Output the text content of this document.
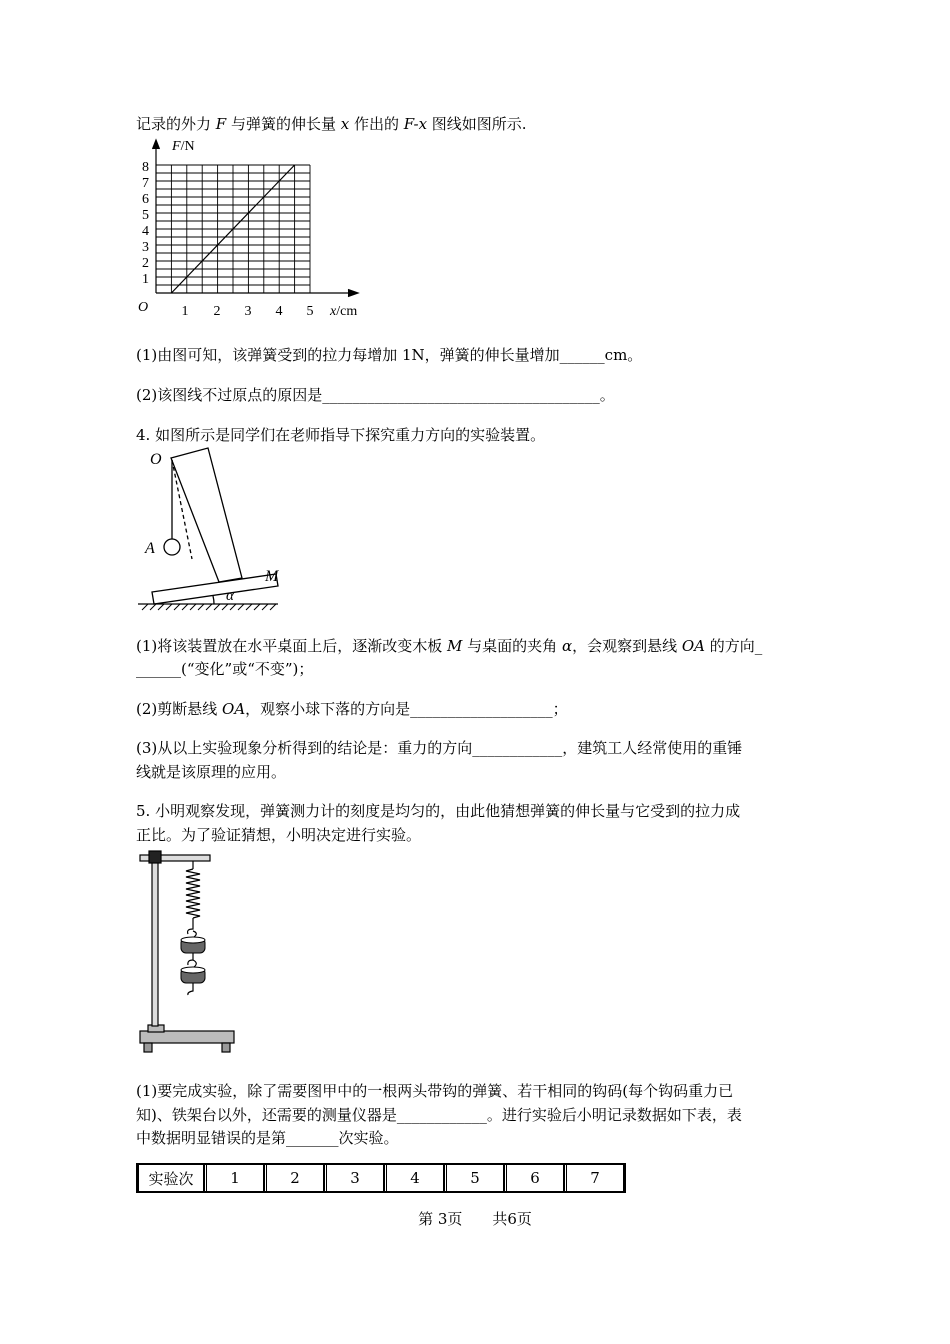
记录的外力 F 与弹簧的伸长量 x 作出的 F-x 图线如图所示.
F/N
x/cm
O
1
2
3
4
5
6
7
8
1 2 3 4 5
(1)由图可知，该弹簧受到的拉力每增加 1N，弹簧的伸长量增加______cm。
(2)该图线不过原点的原因是_____________________________________。
4. 如图所示是同学们在老师指导下探究重力方向的实验装置。
O
A
M
α
(1)将该装置放在水平桌面上后，逐渐改变木板 M 与桌面的夹角 α，会观察到悬线 OA 的方向_
______(“变化”或“不变”)；
(2)剪断悬线 OA，观察小球下落的方向是___________________；
(3)从以上实验现象分析得到的结论是：重力的方向____________，建筑工人经常使用的重锤
线就是该原理的应用。
5. 小明观察发现，弹簧测力计的刻度是均匀的，由此他猜想弹簧的伸长量与它受到的拉力成
正比。为了验证猜想，小明决定进行实验。
(1)要完成实验，除了需要图甲中的一根两头带钩的弹簧、若干相同的钩码(每个钩码重力已
知)、铁架台以外，还需要的测量仪器是____________。进行实验后小明记录数据如下表，表
中数据明显错误的是第_______次实验。
实验次	1	2	3	4	5	6	7
第 3页　　共6页
